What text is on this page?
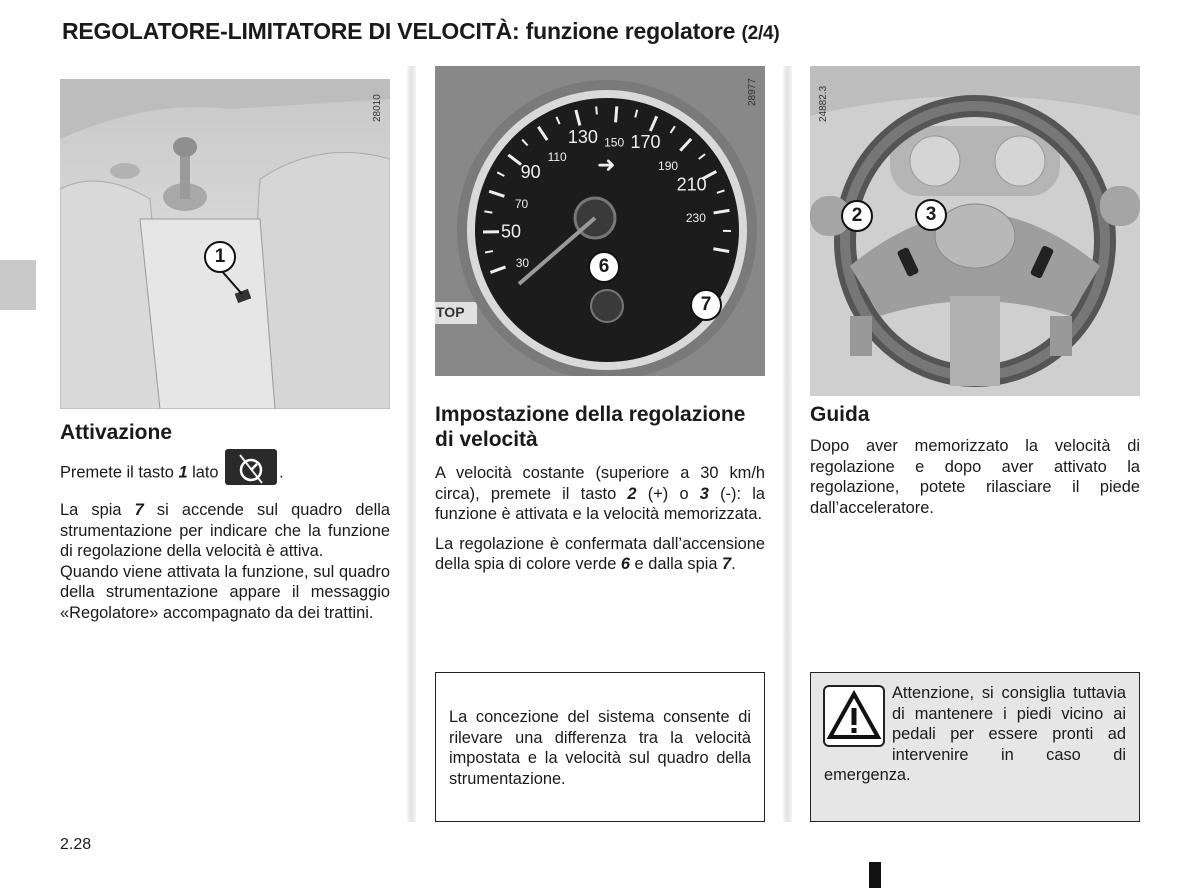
REGOLATORE-LIMITATORE DI VELOCITÀ: funzione regolatore (2/4)
28010
1	30
50
70
90
110
130 150 170
190
210
230
➜
28977
TOP
6
7
24882.3
2	3
Attivazione

Premete il tasto 1 lato	.

La spia 7 si accende sul quadro della strumentazione per indicare che la funzione di regolazione della velocità è attiva.

Quando viene attivata la funzione, sul quadro della strumentazione appare il messaggio «Regolatore» accompagnato da dei trattini.

Impostazione della regolazione di velocità

A velocità costante (superiore a 30 km/h circa), premete il tasto 2 (+) o 3 (-): la funzione è attivata e la velocità memorizzata.

La regolazione è confermata dall’accensione della spia di colore verde 6 e dalla spia 7.

La concezione del sistema consente di rilevare una differenza tra la velocità impostata e la velocità sul quadro della strumentazione.
Guida

Dopo aver memorizzato la velocità di regolazione e dopo aver attivato la regolazione, potete rilasciare il piede dall’acceleratore.

Attenzione, si consiglia tuttavia di mantenere i piedi vicino ai pedali per essere pronti ad intervenire in caso di emergenza.
2.28
